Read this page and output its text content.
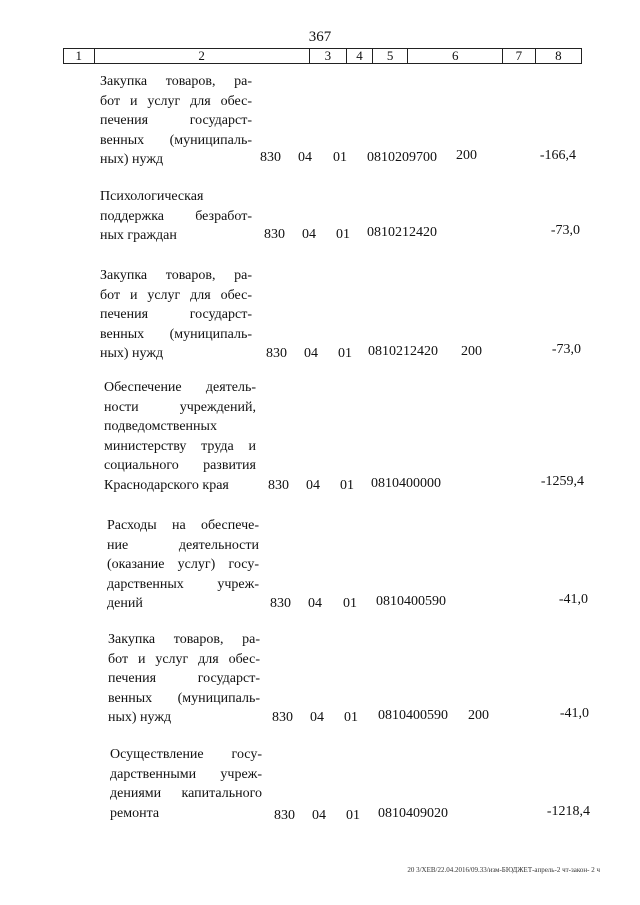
367
1	2	3	4	5	6	7	8
Закупка товаров, ра-
бот и услуг для обес-
печения государст-
венных (муниципаль-
ных) нужд	830 04 01 0810209700 200	-166,4
Психологическая
поддержка безработ-
ных граждан	830 04 01 0810212420	-73,0
Закупка товаров, ра-
бот и услуг для обес-
печения государст-
венных (муниципаль-
ных) нужд	830 04 01 0810212420 200	-73,0
Обеспечение деятель-
ности учреждений,
подведомственных
министерству труда и
социального развития
Краснодарского края	830 04 01 0810400000	-1259,4
Расходы на обеспече-
ние деятельности
(оказание услуг) госу-
дарственных учреж-
дений	830 04 01 0810400590	-41,0
Закупка товаров, ра-
бот и услуг для обес-
печения государст-
венных (муниципаль-
ных) нужд	830 04 01 0810400590 200	-41,0
Осуществление госу-
дарственными учреж-
дениями капитального
ремонта	830 04 01 0810409020	-1218,4
20 3/ХЕВ/22.04.2016/09.33/изм-БЮДЖЕТ-апрель-2 чт-закон- 2 ч
